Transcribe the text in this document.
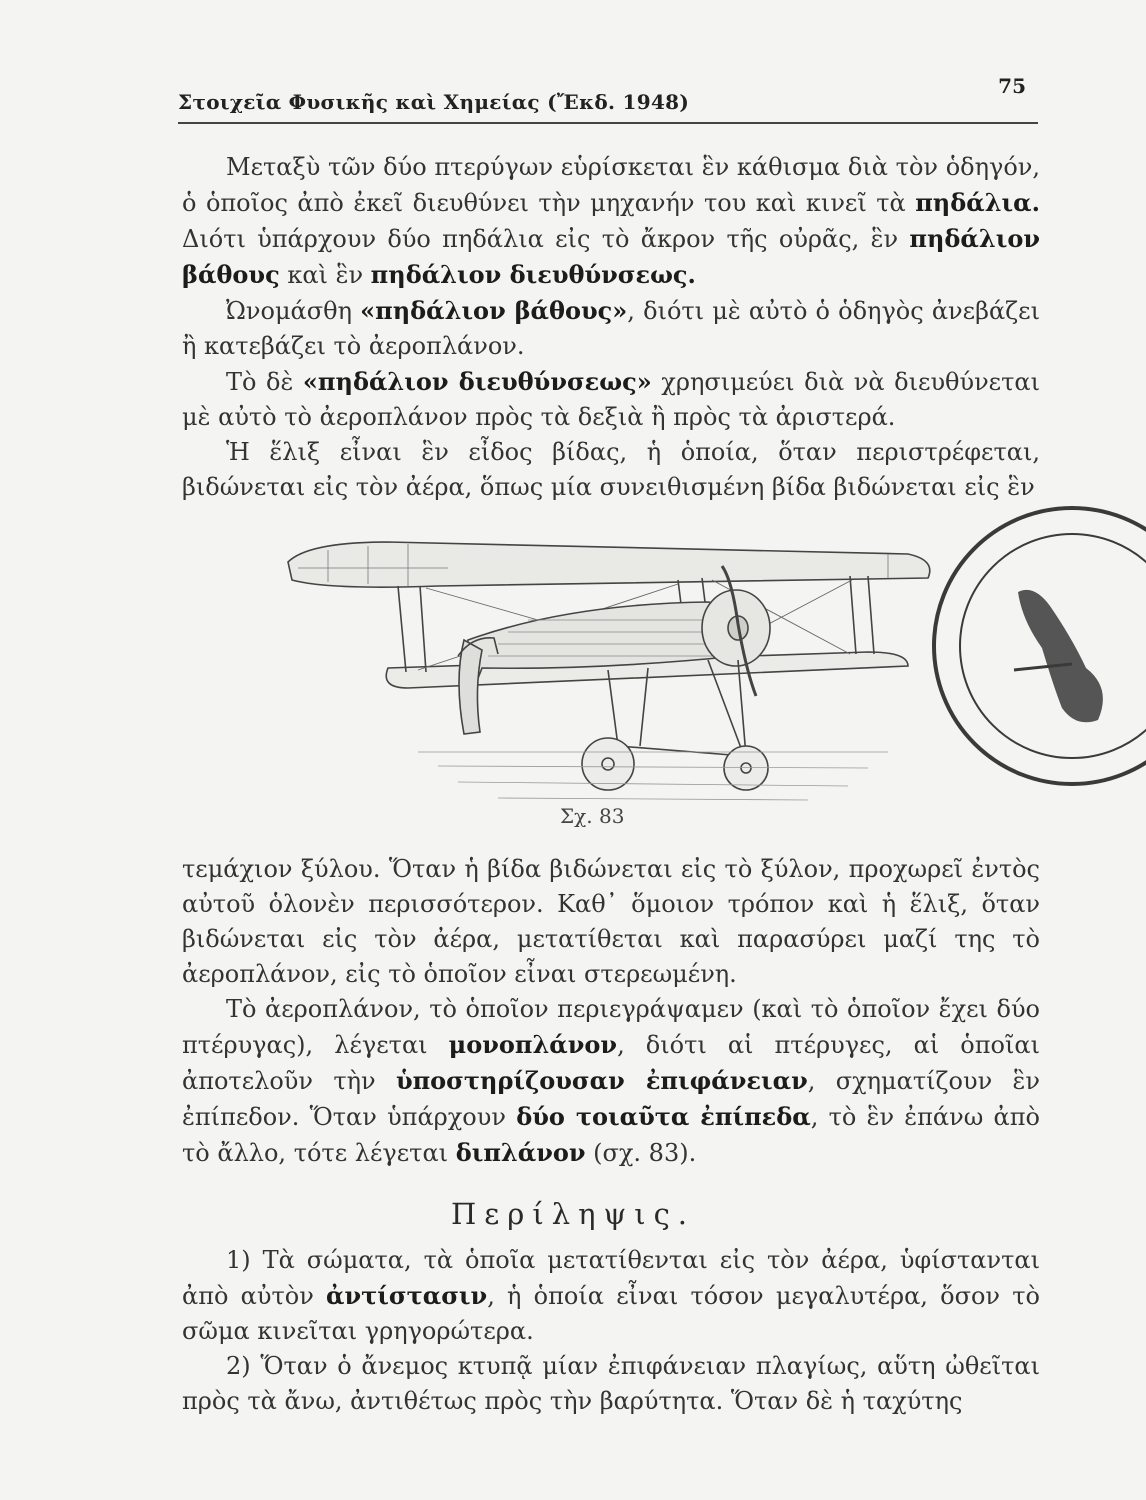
Στοιχεῖα Φυσικῆς καὶ Χημείας (Ἔκδ. 1948)
75

Μεταξὺ τῶν δύο πτερύγων εὑρίσκεται ἓν κάθισμα διὰ τὸν ὁδηγόν, ὁ ὁποῖος ἀπὸ ἐκεῖ διευθύνει τὴν μηχανήν του καὶ κινεῖ τὰ πηδάλια. Διότι ὑπάρχουν δύο πηδάλια εἰς τὸ ἄκρον τῆς οὐρᾶς, ἓν πηδάλιον βάθους καὶ ἓν πηδάλιον διευθύνσεως.

Ὠνομάσθη «πηδάλιον βάθους», διότι μὲ αὐτὸ ὁ ὁδηγὸς ἀνεβάζει ἢ κατεβάζει τὸ ἀεροπλάνον.

Τὸ δὲ «πηδάλιον διευθύνσεως» χρησιμεύει διὰ νὰ διευθύνεται μὲ αὐτὸ τὸ ἀεροπλάνον πρὸς τὰ δεξιὰ ἢ πρὸς τὰ ἀριστερά.

Ἡ ἕλιξ εἶναι ἓν εἶδος βίδας, ἡ ὁποία, ὅταν περιστρέφεται, βιδώνεται εἰς τὸν ἀέρα, ὅπως μία συνειθισμένη βίδα βιδώνεται εἰς ἓν

Σχ. 83

τεμάχιον ξύλου. Ὅταν ἡ βίδα βιδώνεται εἰς τὸ ξύλον, προχωρεῖ ἐντὸς αὐτοῦ ὁλονὲν περισσότερον. Καθ᾿ ὅμοιον τρόπον καὶ ἡ ἕλιξ, ὅταν βιδώνεται εἰς τὸν ἀέρα, μετατίθεται καὶ παρασύρει μαζί της τὸ ἀεροπλάνον, εἰς τὸ ὁποῖον εἶναι στερεωμένη.

Τὸ ἀεροπλάνον, τὸ ὁποῖον περιεγράψαμεν (καὶ τὸ ὁποῖον ἔχει δύο πτέρυγας), λέγεται μονοπλάνον, διότι αἱ πτέρυγες, αἱ ὁποῖαι ἀποτελοῦν τὴν ὑποστηρίζουσαν ἐπιφάνειαν, σχηματίζουν ἓν ἐπίπεδον. Ὅταν ὑπάρχουν δύο τοιαῦτα ἐπίπεδα, τὸ ἓν ἐπάνω ἀπὸ τὸ ἄλλο, τότε λέγεται διπλάνον (σχ. 83).

Περίληψις.

1) Τὰ σώματα, τὰ ὁποῖα μετατίθενται εἰς τὸν ἀέρα, ὑφίστανται ἀπὸ αὐτὸν ἀντίστασιν, ἡ ὁποία εἶναι τόσον μεγαλυτέρα, ὅσον τὸ σῶμα κινεῖται γρηγορώτερα.

2) Ὅταν ὁ ἄνεμος κτυπᾷ μίαν ἐπιφάνειαν πλαγίως, αὕτη ὠθεῖται πρὸς τὰ ἄνω, ἀντιθέτως πρὸς τὴν βαρύτητα. Ὅταν δὲ ἡ ταχύτης
